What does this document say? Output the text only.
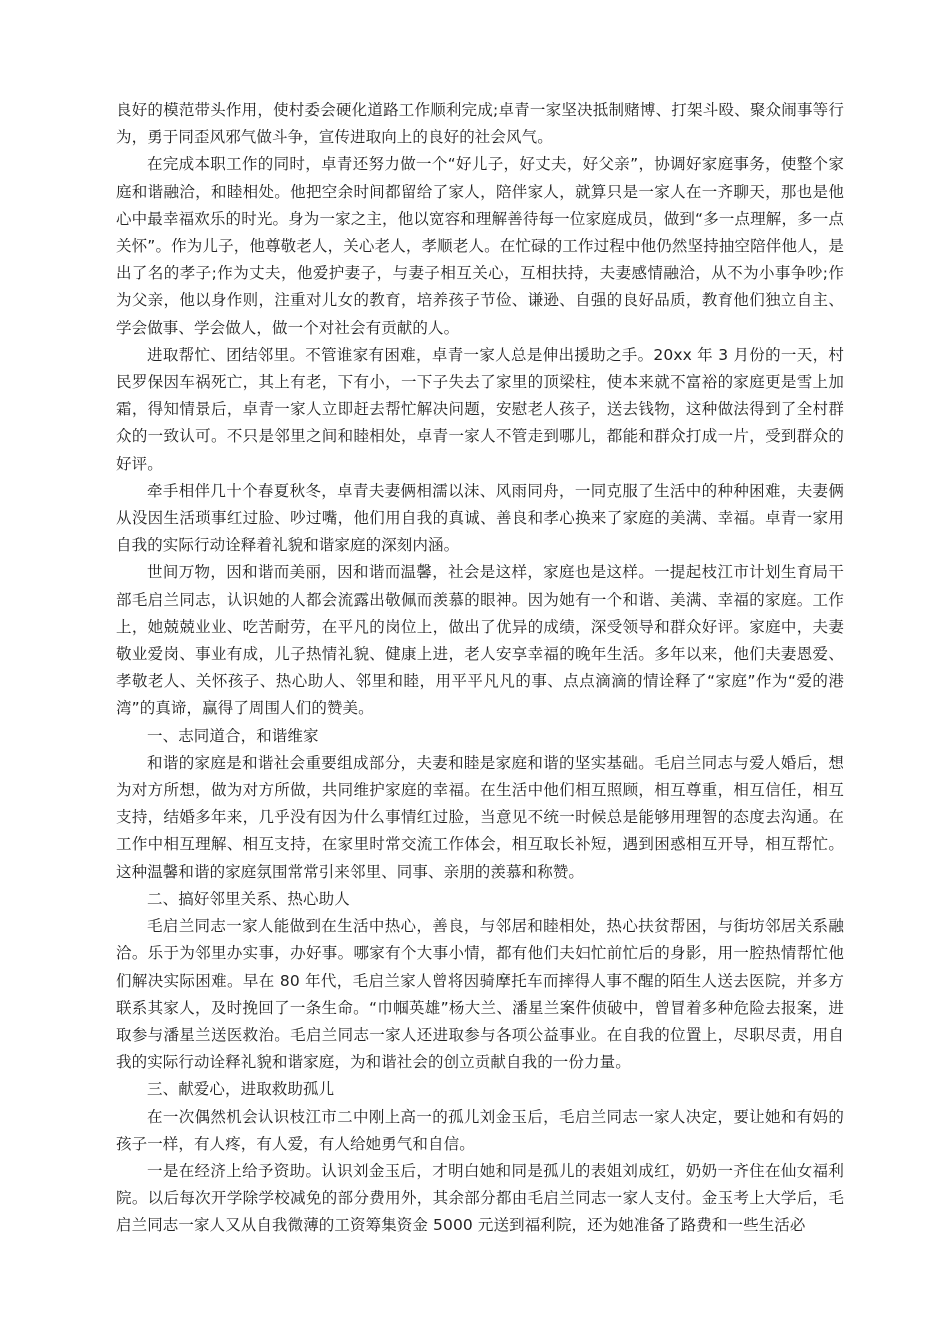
良好的模范带头作用，使村委会硬化道路工作顺利完成;卓青一家坚决抵制赌博、打架斗殴、聚众闹事等行为，勇于同歪风邪气做斗争，宣传进取向上的良好的社会风气。

在完成本职工作的同时，卓青还努力做一个“好儿子，好丈夫，好父亲”，协调好家庭事务，使整个家庭和谐融洽，和睦相处。他把空余时间都留给了家人，陪伴家人，就算只是一家人在一齐聊天，那也是他心中最幸福欢乐的时光。身为一家之主，他以宽容和理解善待每一位家庭成员，做到“多一点理解，多一点关怀”。作为儿子，他尊敬老人，关心老人，孝顺老人。在忙碌的工作过程中他仍然坚持抽空陪伴他人，是出了名的孝子;作为丈夫，他爱护妻子，与妻子相互关心，互相扶持，夫妻感情融洽，从不为小事争吵;作为父亲，他以身作则，注重对儿女的教育，培养孩子节俭、谦逊、自强的良好品质，教育他们独立自主、学会做事、学会做人，做一个对社会有贡献的人。

进取帮忙、团结邻里。不管谁家有困难，卓青一家人总是伸出援助之手。20xx 年 3 月份的一天，村民罗保因车祸死亡，其上有老，下有小，一下子失去了家里的顶梁柱，使本来就不富裕的家庭更是雪上加霜，得知情景后，卓青一家人立即赶去帮忙解决问题，安慰老人孩子，送去钱物，这种做法得到了全村群众的一致认可。不只是邻里之间和睦相处，卓青一家人不管走到哪儿，都能和群众打成一片，受到群众的好评。

牵手相伴几十个春夏秋冬，卓青夫妻俩相濡以沫、风雨同舟，一同克服了生活中的种种困难，夫妻俩从没因生活琐事红过脸、吵过嘴，他们用自我的真诚、善良和孝心换来了家庭的美满、幸福。卓青一家用自我的实际行动诠释着礼貌和谐家庭的深刻内涵。

世间万物，因和谐而美丽，因和谐而温馨，社会是这样，家庭也是这样。一提起枝江市计划生育局干部毛启兰同志，认识她的人都会流露出敬佩而羡慕的眼神。因为她有一个和谐、美满、幸福的家庭。工作上，她兢兢业业、吃苦耐劳，在平凡的岗位上，做出了优异的成绩，深受领导和群众好评。家庭中，夫妻敬业爱岗、事业有成，儿子热情礼貌、健康上进，老人安享幸福的晚年生活。多年以来，他们夫妻恩爱、孝敬老人、关怀孩子、热心助人、邻里和睦，用平平凡凡的事、点点滴滴的情诠释了“家庭”作为“爱的港湾”的真谛，赢得了周围人们的赞美。

一、志同道合，和谐维家

和谐的家庭是和谐社会重要组成部分，夫妻和睦是家庭和谐的坚实基础。毛启兰同志与爱人婚后，想为对方所想，做为对方所做，共同维护家庭的幸福。在生活中他们相互照顾，相互尊重，相互信任，相互支持，结婚多年来，几乎没有因为什么事情红过脸，当意见不统一时候总是能够用理智的态度去沟通。在工作中相互理解、相互支持，在家里时常交流工作体会，相互取长补短，遇到困惑相互开导，相互帮忙。这种温馨和谐的家庭氛围常常引来邻里、同事、亲朋的羡慕和称赞。

二、搞好邻里关系、热心助人

毛启兰同志一家人能做到在生活中热心，善良，与邻居和睦相处，热心扶贫帮困，与街坊邻居关系融洽。乐于为邻里办实事，办好事。哪家有个大事小情，都有他们夫妇忙前忙后的身影，用一腔热情帮忙他们解决实际困难。早在 80 年代，毛启兰家人曾将因骑摩托车而摔得人事不醒的陌生人送去医院，并多方联系其家人，及时挽回了一条生命。“巾帼英雄”杨大兰、潘星兰案件侦破中，曾冒着多种危险去报案，进取参与潘星兰送医救治。毛启兰同志一家人还进取参与各项公益事业。在自我的位置上，尽职尽责，用自我的实际行动诠释礼貌和谐家庭，为和谐社会的创立贡献自我的一份力量。

三、献爱心，进取救助孤儿

在一次偶然机会认识枝江市二中刚上高一的孤儿刘金玉后，毛启兰同志一家人决定，要让她和有妈的孩子一样，有人疼，有人爱，有人给她勇气和自信。

一是在经济上给予资助。认识刘金玉后，才明白她和同是孤儿的表姐刘成红，奶奶一齐住在仙女福利院。以后每次开学除学校减免的部分费用外，其余部分都由毛启兰同志一家人支付。金玉考上大学后，毛启兰同志一家人又从自我微薄的工资筹集资金 5000 元送到福利院，还为她准备了路费和一些生活必
